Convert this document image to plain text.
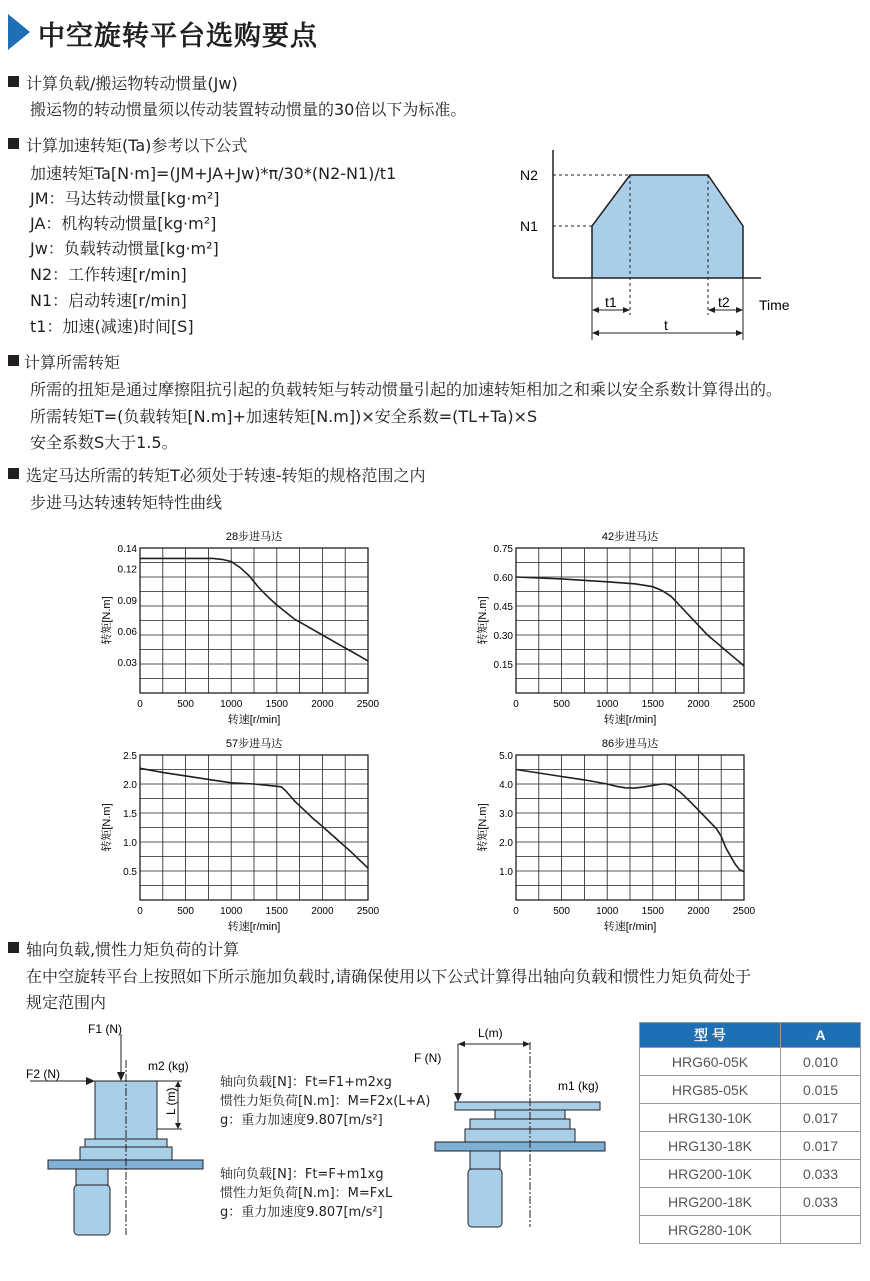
中空旋转平台选购要点
计算负载/搬运物转动惯量(Jw)
搬运物的转动惯量须以传动装置转动惯量的30倍以下为标准。
计算加速转矩(Ta)参考以下公式
加速转矩Ta[N·m]=(JM+JA+Jw)*π/30*(N2-N1)/t1
JM：马达转动惯量[kg·m²]
JA：机构转动惯量[kg·m²]
Jw：负载转动惯量[kg·m²]
N2：工作转速[r/min]
N1：启动转速[r/min]
t1：加速(减速)时间[S]
N2
N1
t1	t2
t
Time
计算所需转矩
所需的扭矩是通过摩擦阻抗引起的负载转矩与转动惯量引起的加速转矩相加之和乘以安全系数计算得出的。
所需转矩T=(负载转矩[N.m]+加速转矩[N.m])×安全系数=(TL+Ta)×S
安全系数S大于1.5。
选定马达所需的转矩T必须处于转速-转矩的规格范围之内
步进马达转速转矩特性曲线
28步进马达
0	500	1000 1500 2000 2500
0.03
0.06
0.09
0.12
0.14
转速[r/min]
转矩[N.m]
42步进马达
0	500	1000 1500 2000 2500
0.15
0.30
0.45
0.60
0.75
转速[r/min]
转矩[N.m]
57步进马达
0	500	1000 1500 2000 2500
0.5
1.0
1.5
2.0
2.5
转速[r/min]
转矩[N.m]
86步进马达
0	500	1000 1500 2000 2500
1.0
2.0
3.0
4.0
5.0
转速[r/min]
转矩[N.m]
轴向负载,惯性力矩负荷的计算
在中空旋转平台上按照如下所示施加负载时,请确保使用以下公式计算得出轴向负载和惯性力矩负荷处于
规定范围内
F1 (N)
F2 (N)
m2 (kg)
L (m)
轴向负载[N]：Ft=F1+m2xg
惯性力矩负荷[N.m]：M=F2x(L+A)
g：重力加速度9.807[m/s²]
轴向负载[N]：Ft=F+m1xg
惯性力矩负荷[N.m]：M=FxL
g：重力加速度9.807[m/s²]
L(m)
F (N)
m1 (kg)
型 号	A
HRG60-05K	0.010
HRG85-05K	0.015
HRG130-10K	0.017
HRG130-18K	0.017
HRG200-10K	0.033
HRG200-18K	0.033
HRG280-10K	
